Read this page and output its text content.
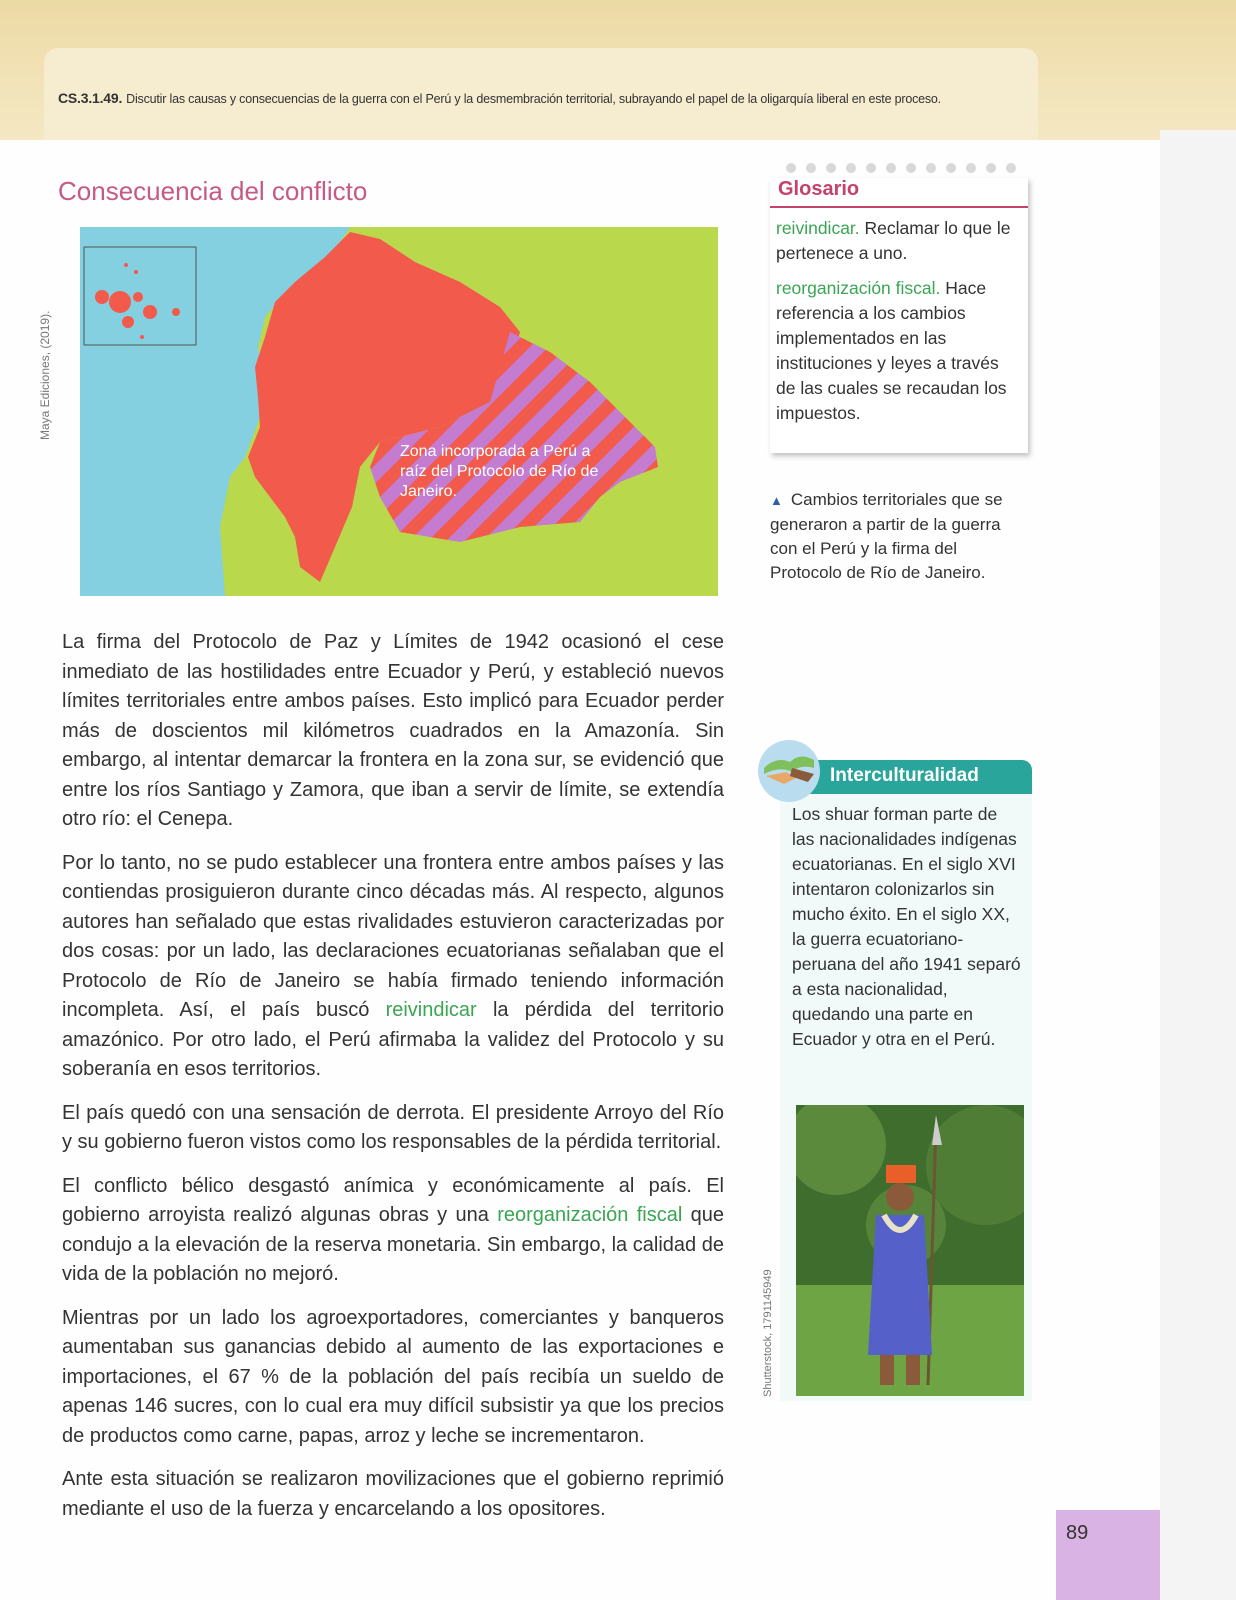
CS.3.1.49. Discutir las causas y consecuencias de la guerra con el Perú y la desmembración territorial, subrayando el papel de la oligarquía liberal en este proceso.
Consecuencia del conflicto
Zona incorporada a Perú a raíz del Protocolo de Río de Janeiro.
Maya Ediciones, (2019).
Glosario
reivindicar. Reclamar lo que le pertenece a uno.
reorganización fiscal. Hace referencia a los cambios implementados en las instituciones y leyes a través de las cuales se recaudan los impuestos.
▲ Cambios territoriales que se generaron a partir de la guerra con el Perú y la firma del Protocolo de Río de Janeiro.

La firma del Protocolo de Paz y Límites de 1942 ocasionó el cese inmediato de las hostilidades entre Ecuador y Perú, y estableció nuevos límites territoriales entre ambos países. Esto implicó para Ecuador perder más de doscientos mil kilómetros cuadrados en la Amazonía. Sin embargo, al intentar demarcar la frontera en la zona sur, se evidenció que entre los ríos Santiago y Zamora, que iban a servir de límite, se extendía otro río: el Cenepa.

Por lo tanto, no se pudo establecer una frontera entre ambos países y las contiendas prosiguieron durante cinco décadas más. Al respecto, algunos autores han señalado que estas rivalidades estuvieron caracterizadas por dos cosas: por un lado, las declaraciones ecuatorianas señalaban que el Protocolo de Río de Janeiro se había firmado teniendo información incompleta. Así, el país buscó reivindicar la pérdida del territorio amazónico. Por otro lado, el Perú afirmaba la validez del Protocolo y su soberanía en esos territorios.

El país quedó con una sensación de derrota. El presidente Arroyo del Río y su gobierno fueron vistos como los responsables de la pérdida territorial.

El conflicto bélico desgastó anímica y económicamente al país. El gobierno arroyista realizó algunas obras y una reorganización fiscal que condujo a la elevación de la reserva monetaria. Sin embargo, la calidad de vida de la población no mejoró.

Mientras por un lado los agroexportadores, comerciantes y banqueros aumentaban sus ganancias debido al aumento de las exportaciones e importaciones, el 67 % de la población del país recibía un sueldo de apenas 146 sucres, con lo cual era muy difícil subsistir ya que los precios de productos como carne, papas, arroz y leche se incrementaron.

Ante esta situación se realizaron movilizaciones que el gobierno reprimió mediante el uso de la fuerza y encarcelando a los opositores.

Los shuar forman parte de las nacionalidades indígenas ecuatorianas. En el siglo XVI intentaron colonizarlos sin mucho éxito. En el siglo XX, la guerra ecuatoriano-peruana del año 1941 separó a esta nacionalidad, quedando una parte en Ecuador y otra en el Perú.
Interculturalidad
Shutterstock, 1791145949
89
